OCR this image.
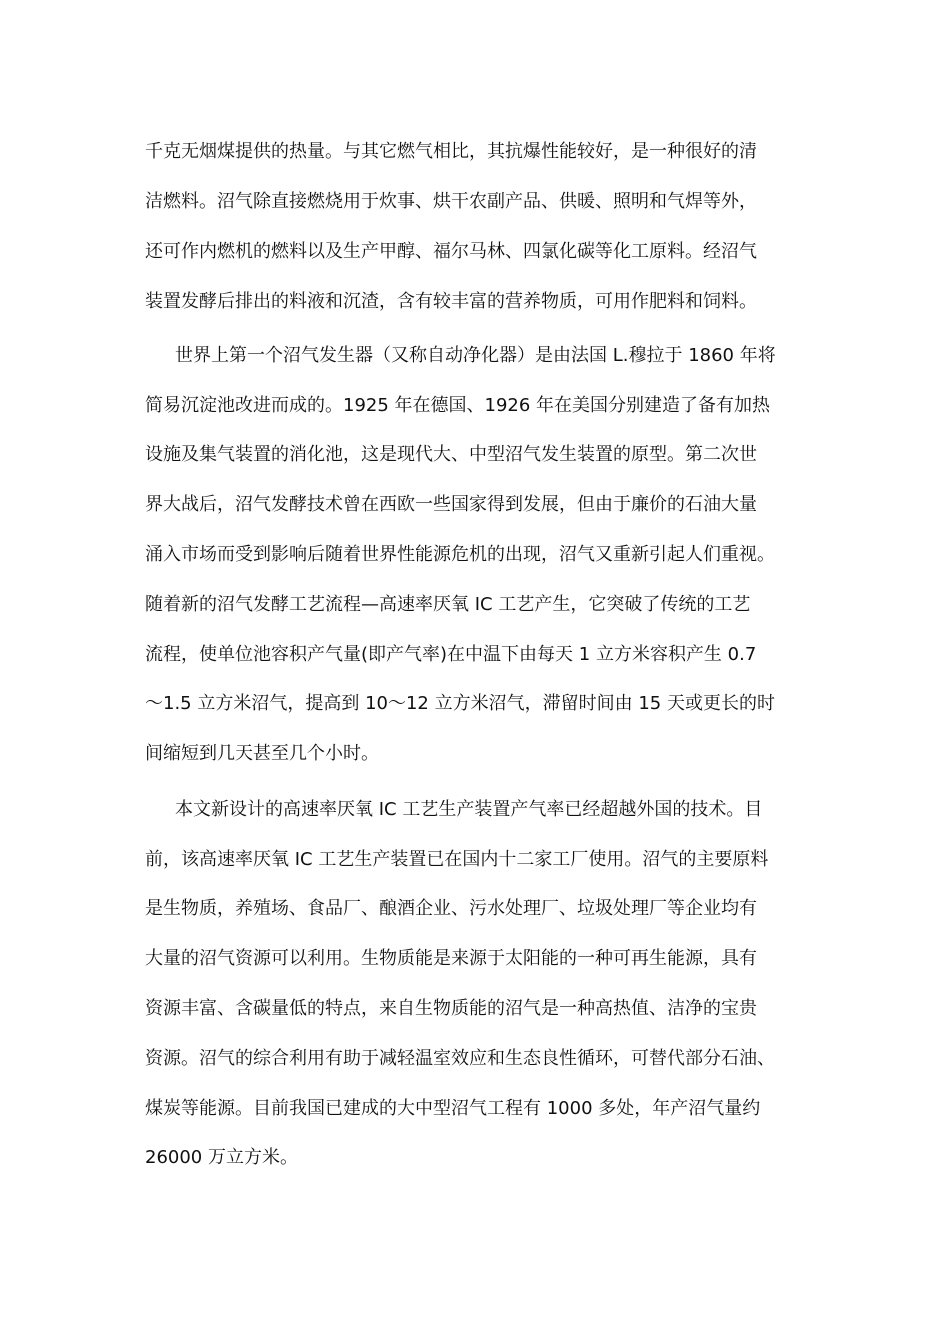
千克无烟煤提供的热量。与其它燃气相比，其抗爆性能较好，是一种很好的清
洁燃料。沼气除直接燃烧用于炊事、烘干农副产品、供暖、照明和气焊等外，
还可作内燃机的燃料以及生产甲醇、福尔马林、四氯化碳等化工原料。经沼气
装置发酵后排出的料液和沉渣，含有较丰富的营养物质，可用作肥料和饲料。
世界上第一个沼气发生器（又称自动净化器）是由法国 L.穆拉于 1860 年将
简易沉淀池改进而成的。1925 年在德国、1926 年在美国分别建造了备有加热
设施及集气装置的消化池，这是现代大、中型沼气发生装置的原型。第二次世
界大战后，沼气发酵技术曾在西欧一些国家得到发展，但由于廉价的石油大量
涌入市场而受到影响后随着世界性能源危机的出现，沼气又重新引起人们重视。
随着新的沼气发酵工艺流程—高速率厌氧 IC 工艺产生，它突破了传统的工艺
流程，使单位池容积产气量(即产气率)在中温下由每天 1 立方米容积产生 0.7
～1.5 立方米沼气，提高到 10～12 立方米沼气，滞留时间由 15 天或更长的时
间缩短到几天甚至几个小时。
本文新设计的高速率厌氧 IC 工艺生产装置产气率已经超越外国的技术。目
前，该高速率厌氧 IC 工艺生产装置已在国内十二家工厂使用。沼气的主要原料
是生物质，养殖场、食品厂、酿酒企业、污水处理厂、垃圾处理厂等企业均有
大量的沼气资源可以利用。生物质能是来源于太阳能的一种可再生能源，具有
资源丰富、含碳量低的特点，来自生物质能的沼气是一种高热值、洁净的宝贵
资源。沼气的综合利用有助于减轻温室效应和生态良性循环，可替代部分石油、
煤炭等能源。目前我国已建成的大中型沼气工程有 1000 多处，年产沼气量约
26000 万立方米。
